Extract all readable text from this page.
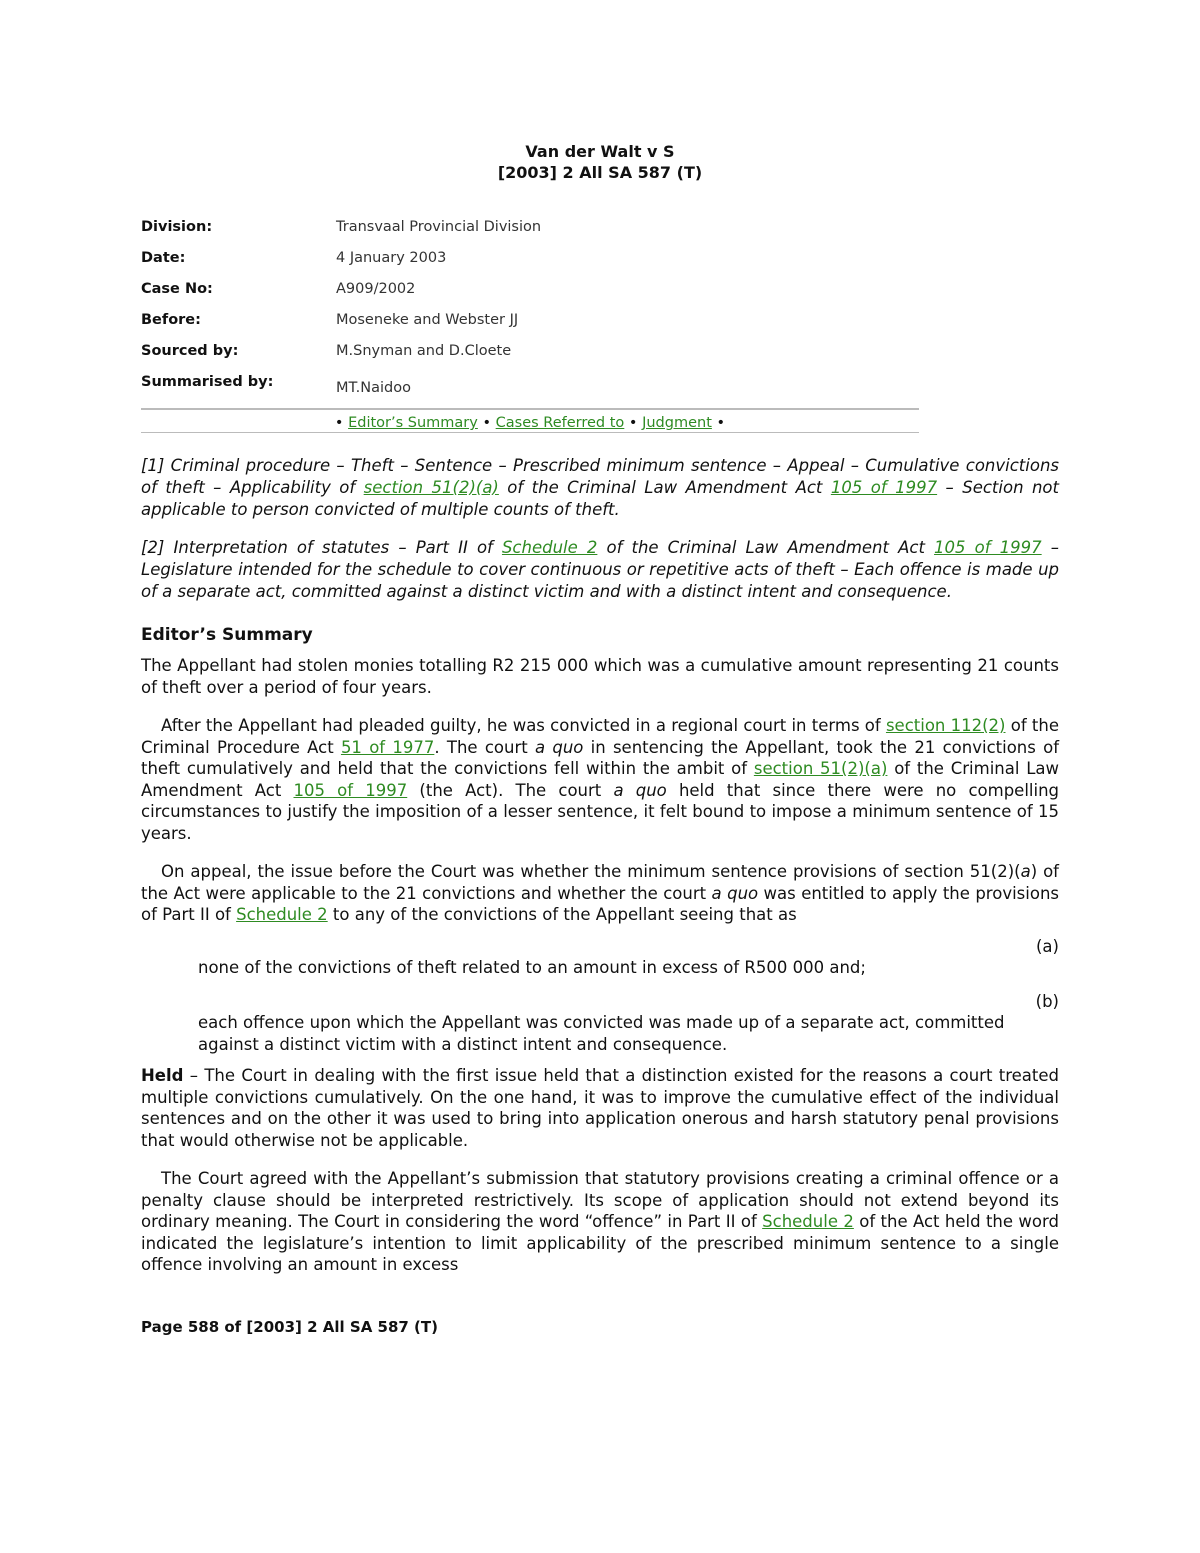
Van der Walt v S
[2003] 2 All SA 587 (T)
Division:	Transvaal Provincial Division
Date:	4 January 2003
Case No:	A909/2002
Before:	Moseneke and Webster JJ
Sourced by:	M.Snyman and D.Cloete
Summarised by:	MT.Naidoo
• Editor’s Summary • Cases Referred to • Judgment •
[1] Criminal procedure – Theft – Sentence – Prescribed minimum sentence – Appeal – Cumulative convictions of theft – Applicability of section 51(2)(a) of the Criminal Law Amendment Act 105 of 1997 – Section not applicable to person convicted of multiple counts of theft.
[2] Interpretation of statutes – Part II of Schedule 2 of the Criminal Law Amendment Act 105 of 1997 – Legislature intended for the schedule to cover continuous or repetitive acts of theft – Each offence is made up of a separate act, committed against a distinct victim and with a distinct intent and consequence.
Editor’s Summary
The Appellant had stolen monies totalling R2 215 000 which was a cumulative amount representing 21 counts of theft over a period of four years.
After the Appellant had pleaded guilty, he was convicted in a regional court in terms of section 112(2) of the Criminal Procedure Act 51 of 1977. The court a quo in sentencing the Appellant, took the 21 convictions of theft cumulatively and held that the convictions fell within the ambit of section 51(2)(a) of the Criminal Law Amendment Act 105 of 1997 (the Act). The court a quo held that since there were no compelling circumstances to justify the imposition of a lesser sentence, it felt bound to impose a minimum sentence of 15 years.
On appeal, the issue before the Court was whether the minimum sentence provisions of section 51(2)(a) of the Act were applicable to the 21 convictions and whether the court a quo was entitled to apply the provisions of Part II of Schedule 2 to any of the convictions of the Appellant seeing that as
(a)
none of the convictions of theft related to an amount in excess of R500 000 and;
(b)
each offence upon which the Appellant was convicted was made up of a separate act, committed against a distinct victim with a distinct intent and consequence.
Held – The Court in dealing with the first issue held that a distinction existed for the reasons a court treated multiple convictions cumulatively. On the one hand, it was to improve the cumulative effect of the individual sentences and on the other it was used to bring into application onerous and harsh statutory penal provisions that would otherwise not be applicable.
The Court agreed with the Appellant’s submission that statutory provisions creating a criminal offence or a penalty clause should be interpreted restrictively. Its scope of application should not extend beyond its ordinary meaning. The Court in considering the word “offence” in Part II of Schedule 2 of the Act held the word indicated the legislature’s intention to limit applicability of the prescribed minimum sentence to a single offence involving an amount in excess
Page 588 of [2003] 2 All SA 587 (T)
